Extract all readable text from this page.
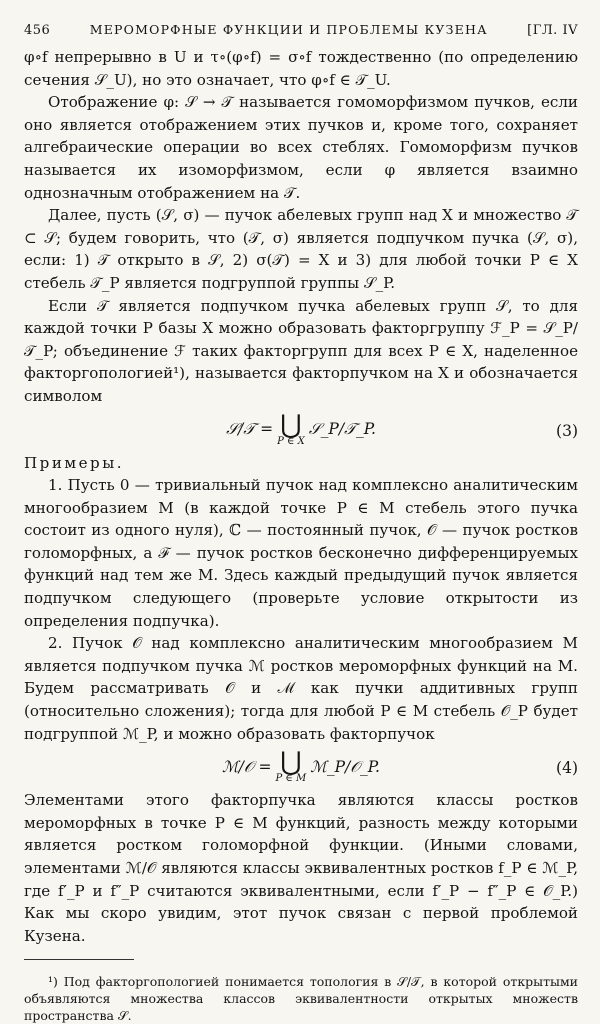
456	МЕРОМОРФНЫЕ ФУНКЦИИ И ПРОБЛЕМЫ КУЗЕНА	[ГЛ. IV

φ∘f непрерывно в U и τ∘(φ∘f) = σ∘f тождественно (по определению сечения 𝒮_U), но это означает, что φ∘f ∈ 𝒯_U.

Отображение φ: 𝒮 → 𝒯 называется гомоморфизмом пучков, если оно является отображением этих пучков и, кроме того, сохраняет алгебраические операции во всех стеблях. Гомоморфизм пучков называется их изоморфизмом, если φ является взаимно однозначным отображением на 𝒯.

Далее, пусть (𝒮, σ) — пучок абелевых групп над X и множество 𝒯 ⊂ 𝒮; будем говорить, что (𝒯, σ) является подпучком пучка (𝒮, σ), если: 1) 𝒯 открыто в 𝒮, 2) σ(𝒯) = X и 3) для любой точки P ∈ X стебель 𝒯_P является подгруппой группы 𝒮_P.

Если 𝒯 является подпучком пучка абелевых групп 𝒮, то для каждой точки P базы X можно образовать факторгруппу ℱ_P = 𝒮_P/𝒯_P; объединение ℱ таких факторгрупп для всех P ∈ X, наделенное факторгопологией¹), называется факторпучком на X и обозначается символом

𝒮/𝒯 = ⋃
P ∈ X
𝒮_P/𝒯_P.	(3)

Примеры.

1. Пусть 0 — тривиальный пучок над комплексно аналитическим многообразием M (в каждой точке P ∈ M стебель этого пучка состоит из одного нуля), ℂ — постоянный пучок, 𝒪 — пучок ростков голоморфных, а ℱ — пучок ростков бесконечно дифференцируемых функций над тем же M. Здесь каждый предыдущий пучок является подпучком следующего (проверьте условие открытости из определения подпучка).

2. Пучок 𝒪 над комплексно аналитическим многообразием M является подпучком пучка ℳ ростков мероморфных функций на M. Будем рассматривать 𝒪 и ℳ как пучки аддитивных групп (относительно сложения); тогда для любой P ∈ M стебель 𝒪_P будет подгруппой ℳ_P, и можно образовать факторпучок

ℳ/𝒪 = ⋃
P ∈ M
ℳ_P/𝒪_P.	(4)

Элементами этого факторпучка являются классы ростков мероморфных в точке P ∈ M функций, разность между которыми является ростком голоморфной функции. (Иными словами, элементами ℳ/𝒪 являются классы эквивалентных ростков f_P ∈ ℳ_P, где f′_P и f″_P считаются эквивалентными, если f′_P − f″_P ∈ 𝒪_P.) Как мы скоро увидим, этот пучок связан с первой проблемой Кузена.

¹) Под факторгопологией понимается топология в 𝒮/𝒯, в которой открытыми объявляются множества классов эквивалентности открытых множеств пространства 𝒮.
